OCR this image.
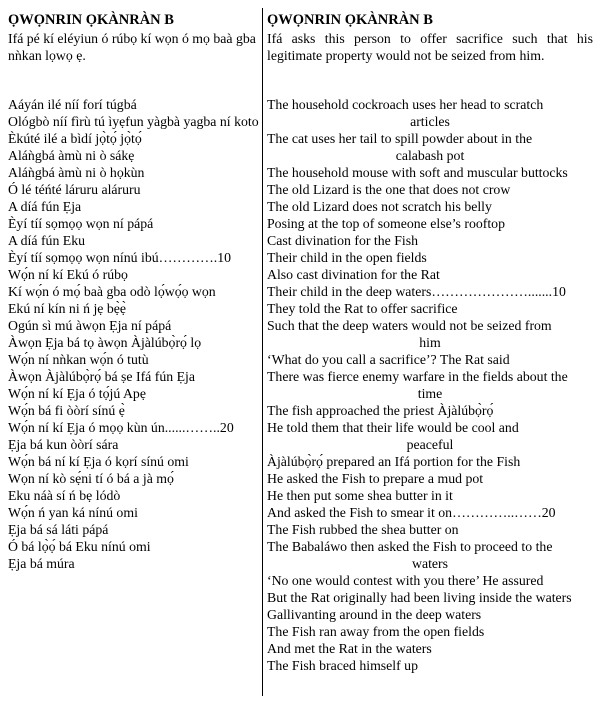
ỌWỌNRIN ỌKÀNRÀN B
Ifá pé kí eléyiun ó rúbọ kí wọn ó mọ baà gba nǹkan lọwọ ẹ.
Aáyán ilé níí forí túgbá
Ológbò níí fìrù tú ìyẹfun yàgbà yagba ní koto
Èkúté ilé a bìdí jọ̀tọ́ jọ̀tọ́
Aláǹgbá àmù ni ò sákẹ
Aláǹgbá àmù ni ò họkùn
Ó lé téńté láruru aláruru
A díá fún Ẹja
Èyí tíí sọmọọ wọn ní pápá
A díá fún Eku
Èyí tíí sọmọọ wọn nínú ibú………….10
Wọ́n ní kí Ekú ó rúbọ
Kí wọ́n ó mọ́ baà gba odò lọ́wọ́ọ wọn
Ekú ní kín ni ń jẹ bẹ̀ẹ̀
Ogún sì mú àwọn Ẹja ní pápá
Àwọn Ẹja bá tọ àwọn Àjàlúbọ̀rọ́ lọ
Wọ́n ní nǹkan wọ́n ó tutù
Àwọn Àjàlúbọ̀rọ́ bá ṣe Ifá fún Ẹja
Wọ́n ní kí Ẹja ó tọ́jú Apẹ
Wọ́n bá fi òòrí sínú ẹ̀
Wọ́n ní kí Ẹja ó mọọ kùn ún......……..20
Ẹja bá kun òòrí sára
Wọ́n bá ní kí Ẹja ó kọrí sínú omi
Wọn ní kò sẹ́ni tí ó bá a jà mọ́
Eku náà sí ń bẹ lódò
Wọ́n ń yan ká nínú omi
Ẹja bá sá láti pápá
Ó bá lọ̀ọ́ bá Eku nínú omi
Ẹja bá múra
ỌWỌNRIN ỌKÀNRÀN B
Ifá asks this person to offer sacrifice such that his legitimate property would not be seized from him.
The household cockroach uses her head to scratch
articles
The cat uses her tail to spill powder about in the
calabash pot
The household mouse with soft and muscular buttocks
The old Lizard is the one that does not crow
The old Lizard does not scratch his belly
Posing at the top of someone else’s rooftop
Cast divination for the Fish
Their child in the open fields
Also cast divination for the Rat
Their child in the deep waters………………….......10
They told the Rat to offer sacrifice
Such that the deep waters would not be seized from
him
‘What do you call a sacrifice’? The Rat said
There was fierce enemy warfare in the fields about the
time
The fish approached the priest Àjàlúbọ̀rọ́
He told them that their life would be cool and
peaceful
Àjàlúbọ̀rọ́ prepared an Ifá portion for the Fish
He asked the Fish to prepare a mud pot
He then put some shea butter in it
And asked the Fish to smear it on…………..……20
The Fish rubbed the shea butter on
The Babaláwo then asked the Fish to proceed to the
waters
‘No one would contest with you there’ He assured
But the Rat originally had been living inside the waters
Gallivanting around in the deep waters
The Fish ran away from the open fields
And met the Rat in the waters
The Fish braced himself up
